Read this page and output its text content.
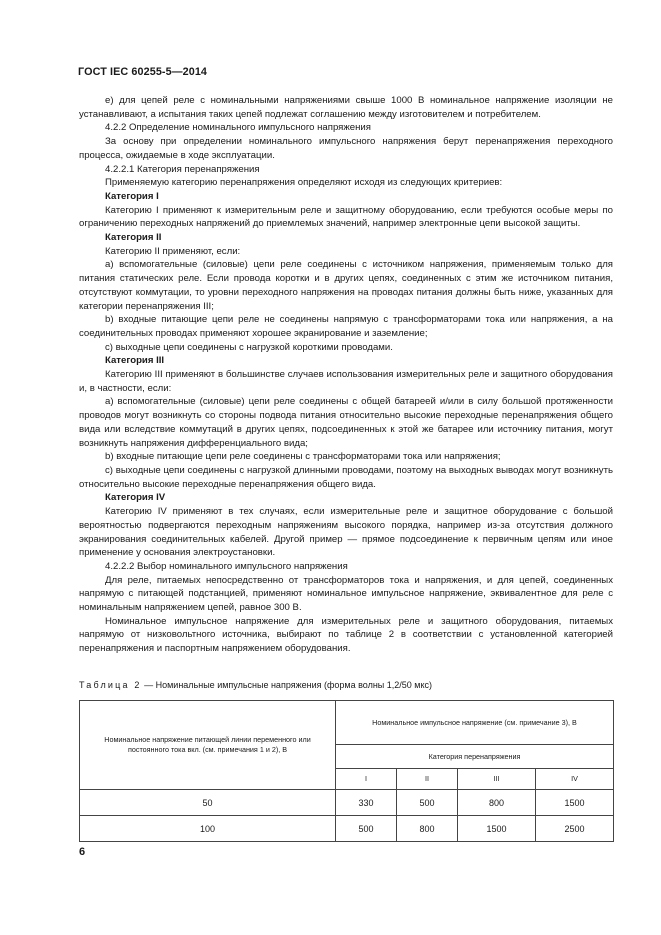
ГОСТ IEC 60255-5—2014

е) для цепей реле с номинальными напряжениями свыше 1000 В номинальное напряжение изоляции не устанавливают, а испытания таких цепей подлежат соглашению между изготовителем и потребителем.

4.2.2 Определение номинального импульсного напряжения

За основу при определении номинального импульсного напряжения берут перенапряжения переходного процесса, ожидаемые в ходе эксплуатации.

4.2.2.1 Категория перенапряжения

Применяемую категорию перенапряжения определяют исходя из следующих критериев:

Категория I

Категорию I применяют к измерительным реле и защитному оборудованию, если требуются особые меры по ограничению переходных напряжений до приемлемых значений, например электронные цепи высокой защиты.

Категория II

Категорию II применяют, если:

а) вспомогательные (силовые) цепи реле соединены с источником напряжения, применяемым только для питания статических реле. Если провода коротки и в других цепях, соединенных с этим же источником питания, отсутствуют коммутации, то уровни переходного напряжения на проводах питания должны быть ниже, указанных для категории перенапряжения III;

b) входные питающие цепи реле не соединены напрямую с трансформаторами тока или напряжения, а на соединительных проводах применяют хорошее экранирование и заземление;

с) выходные цепи соединены с нагрузкой короткими проводами.

Категория III

Категорию III применяют в большинстве случаев использования измерительных реле и защитного оборудования и, в частности, если:

а) вспомогательные (силовые) цепи реле соединены с общей батареей и/или в силу большой протяженности проводов могут возникнуть со стороны подвода питания относительно высокие переходные перенапряжения общего вида или вследствие коммутаций в других цепях, подсоединенных к этой же батарее или источнику питания, могут возникнуть напряжения дифференциального вида;

b) входные питающие цепи реле соединены с трансформаторами тока или напряжения;

с) выходные цепи соединены с нагрузкой длинными проводами, поэтому на выходных выводах могут возникнуть относительно высокие переходные перенапряжения общего вида.

Категория IV

Категорию IV применяют в тех случаях, если измерительные реле и защитное оборудование с большой вероятностью подвергаются переходным напряжениям высокого порядка, например из-за отсутствия должного экранирования соединительных кабелей. Другой пример — прямое подсоединение к первичным цепям или иное применение у основания электроустановки.

4.2.2.2 Выбор номинального импульсного напряжения

Для реле, питаемых непосредственно от трансформаторов тока и напряжения, и для цепей, соединенных напрямую с питающей подстанцией, применяют номинальное импульсное напряжение, эквивалентное для реле с номинальным напряжением цепей, равное 300 В.

Номинальное импульсное напряжение для измерительных реле и защитного оборудования, питаемых напрямую от низковольтного источника, выбирают по таблице 2 в соответствии с установленной категорией перенапряжения и паспортным напряжением оборудования.

Таблица 2 — Номинальные импульсные напряжения (форма волны 1,2/50 мкс)
Номинальное напряжение питающей линии переменного или постоянного тока вкл. (см. примечания 1 и 2), В	Номинальное импульсное напряжение (см. примечание 3), В			
	Категория перенапряжения			
	I	II	III	IV
50	330	500	800	1500
100	500	800	1500	2500
6
